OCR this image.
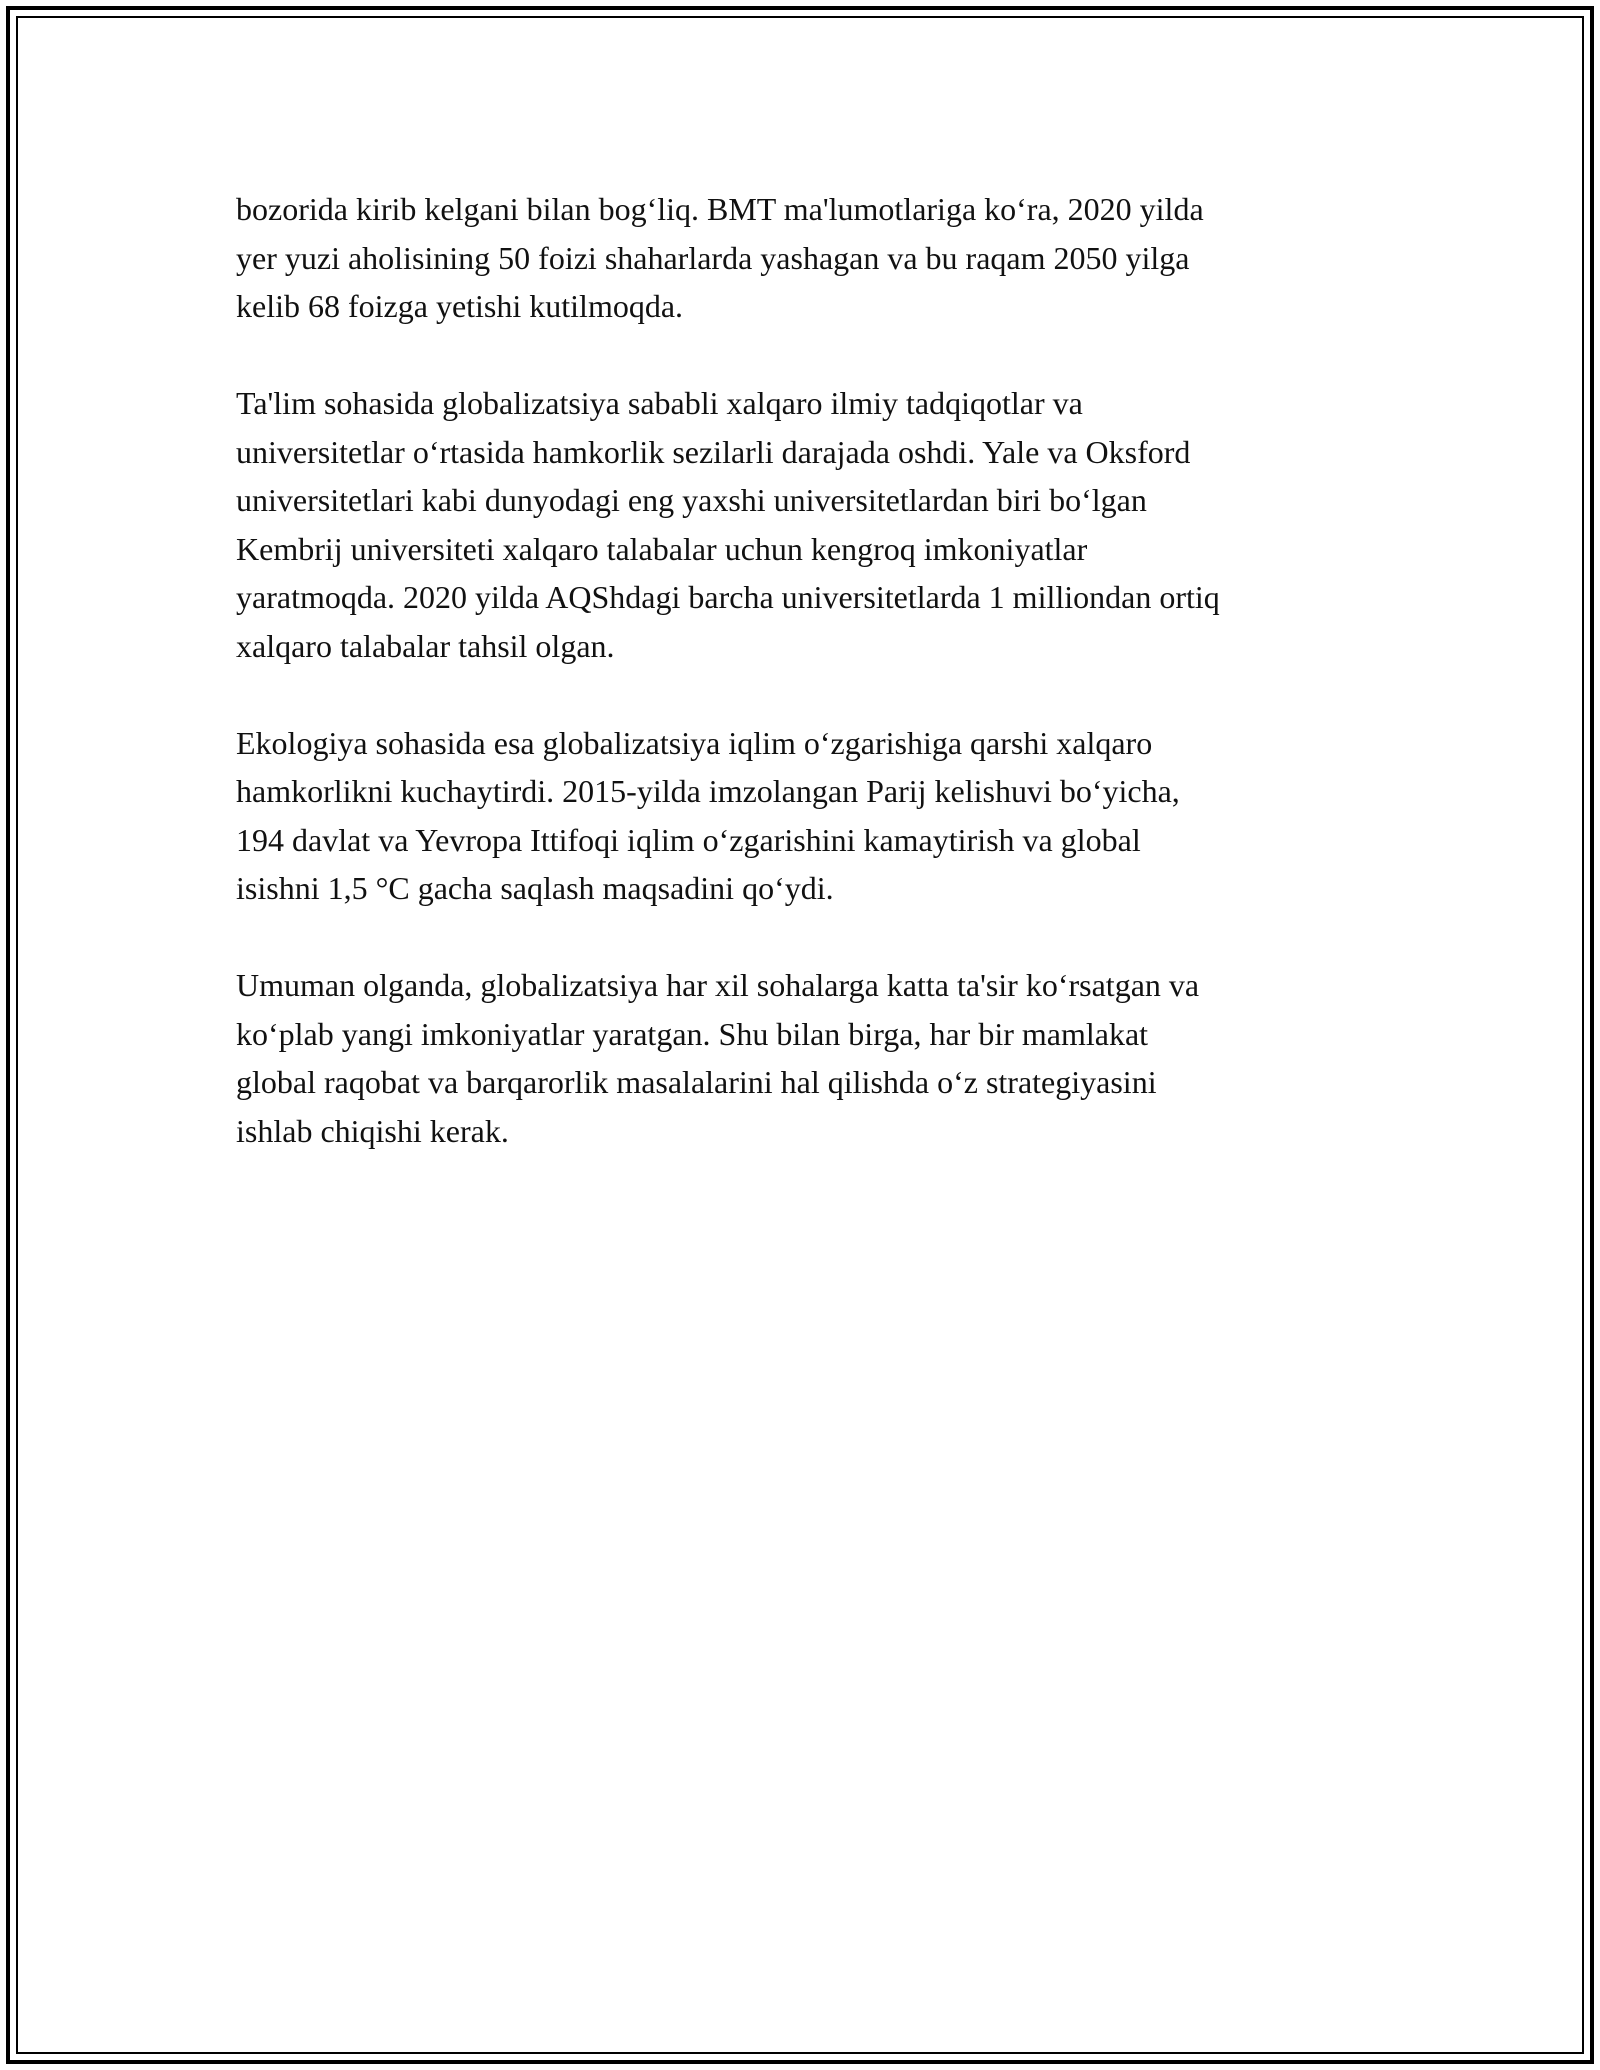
bozorida kirib kelgani bilan bog‘liq. BMT ma'lumotlariga ko‘ra, 2020 yilda
yer yuzi aholisining 50 foizi shaharlarda yashagan va bu raqam 2050 yilga
kelib 68 foizga yetishi kutilmoqda.

Ta'lim sohasida globalizatsiya sababli xalqaro ilmiy tadqiqotlar va
universitetlar o‘rtasida hamkorlik sezilarli darajada oshdi. Yale va Oksford
universitetlari kabi dunyodagi eng yaxshi universitetlardan biri bo‘lgan
Kembrij universiteti xalqaro talabalar uchun kengroq imkoniyatlar
yaratmoqda. 2020 yilda AQShdagi barcha universitetlarda 1 milliondan ortiq
xalqaro talabalar tahsil olgan.

Ekologiya sohasida esa globalizatsiya iqlim o‘zgarishiga qarshi xalqaro
hamkorlikni kuchaytirdi. 2015-yilda imzolangan Parij kelishuvi bo‘yicha,
194 davlat va Yevropa Ittifoqi iqlim o‘zgarishini kamaytirish va global
isishni 1,5 °C gacha saqlash maqsadini qo‘ydi.

Umuman olganda, globalizatsiya har xil sohalarga katta ta'sir ko‘rsatgan va
ko‘plab yangi imkoniyatlar yaratgan. Shu bilan birga, har bir mamlakat
global raqobat va barqarorlik masalalarini hal qilishda o‘z strategiyasini
ishlab chiqishi kerak.
